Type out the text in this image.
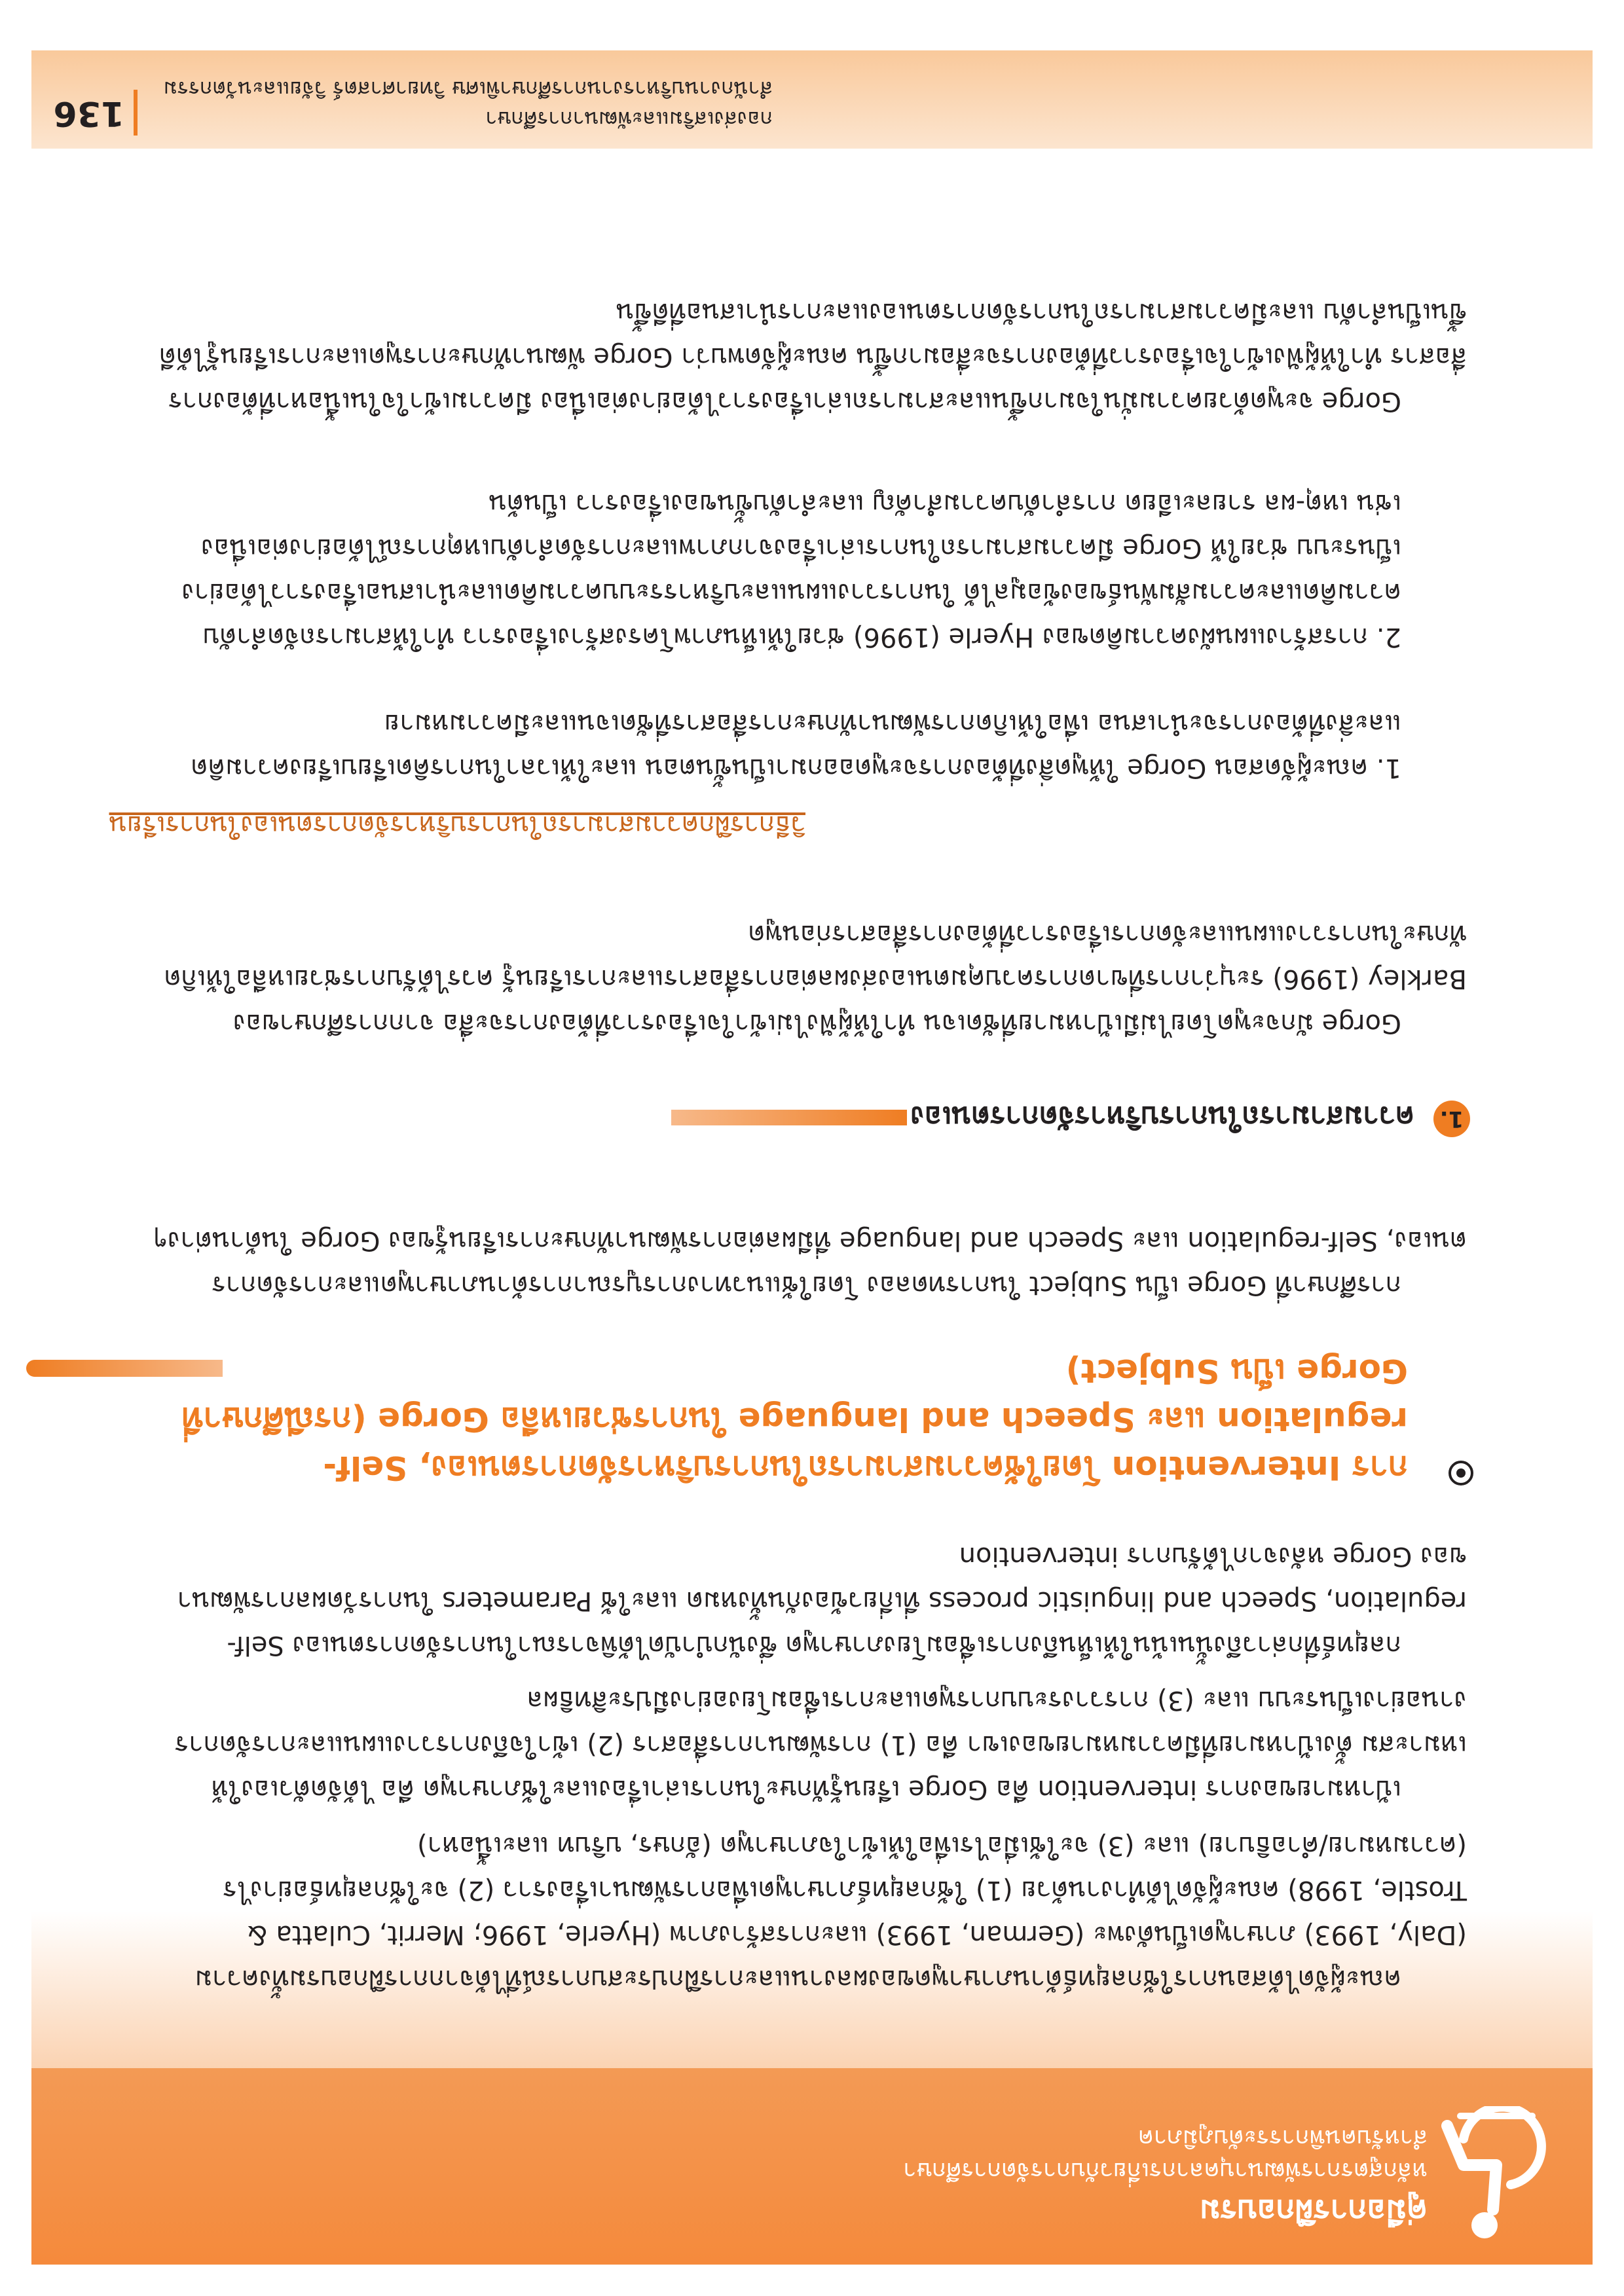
คู่มือการฝึกอบรม
หลักสูตรการพัฒนาบุคลากรเกี่ยวกับการจัดการศึกษา
สำหรับคนพิการระดับภูมิภาค
คณะผู้จัดได้สอนการใช้กลยุทธ์ด้านภาษาพูดของผลงานและการฝึกประสบการณ์ที่ได้จากการฝึกอบรมทั้งความ (Daly, 1993) ภาษาพูดเป็นดังพะ (German, 1993) และการสร้างภาพ (Hyerle, 1996; Merrit, Culatta & Trostle, 1998) คณะผู้จัดได้ทำงานด้วย (1) ใช้กลยุทธ์ภาษาพูดเพื่อการพัฒนาเรื่องราว (2) จะใช้กลยุทธ์อย่างไร (ความหมาย/คำอธิบาย) และ (3) จะใช้เมื่อไรเพื่อให้เข้าใจภาษาพูด (อักษร, บริบท และเนื้อหา)
เป้าหมายของการ intervention คือ Gorge เรียนรู้ทักษะในการเล่าเรื่องและใช้ภาษาพูด คือ ได้จัดตัวเองให้เหมาะสม ตั้งเป้าหมายที่มีความหมายของเขา คือ (1) การพัฒนาการสื่อสาร (2) เข้าใจถึงการวางแผนและการจัดการงานอย่างเป็นระบบ และ (3) การวางระบบการพูดและการเชื่อมโยงอย่างมีประสิทธิผล
กลยุทธ์ที่กล่าวถึงนั้นเน้นให้เห็นถึงการเชื่อมโยงภาษาพูด ซึ่งนักบำบัดได้พิจารณาในการจัดการตนเอง Self-regulation, Speech and linguistic process ที่เกี่ยวข้องกันทั้งหมด และใช้ Parameters ในการวัดผลการพัฒนาของ Gorge หลังจากได้รับการ intervention
การ Intervention โดยใช้ความสามารถในการบริหารจัดการตนเอง, Self-regulation และ Speech and language ในการช่วยเหลือ Gorge (กรณีศึกษาที่ Gorge เป็น Subject)
การศึกษาที่ Gorge เป็น Subject ในการทดลอง โดยใช้แนวทางการบูรณาการด้านภาษาพูดและการจัดการตนเอง, Self-regulation และ Speech and language ที่มีผลต่อการพัฒนาทักษะการเรียนรู้ของ Gorge ในด้านต่างๆ
1.
ความสามารถในการบริหารจัดการตนเอง
Gorge มักจะพูดโดยไม่มีเป้าหมายที่ชัดเจน ทำให้ผู้ฟังไม่เข้าใจเรื่องราวที่ต้องการจะสื่อ จากการศึกษาของ Barkley (1996) ระบุว่าการที่ขาดการควบคุมตนเองส่งผลต่อการสื่อสารและการเรียนรู้ ควรได้รับการช่วยเหลือให้เกิดทักษะในการวางแผนและจัดการเรื่องราวที่ต้องการสื่อสารก่อนพูด
วิธีการฝึกความสามารถในการบริหารจัดการตนเองในการเรียน
1. คณะผู้จัดสอน Gorge ให้พูดสิ่งที่ต้องการจะพูดออกมาเป็นขั้นตอน และให้เวลาในการคิดเรียบเรียงความคิดและสิ่งที่ต้องการจะนำเสนอ เพื่อให้เกิดการพัฒนาทักษะการสื่อสารที่ชัดเจนและมีความหมาย
2. การสร้างแผนผังความคิดของ Hyerle (1996) ช่วยให้เห็นภาพโครงสร้างเรื่องราว ทำให้สามารถจัดลำดับความคิดและความสัมพันธ์ของข้อมูลได้ ในการวางแผนและบริหารระบบความคิดและนำเสนอเรื่องราวได้อย่างเป็นระบบ ช่วยให้ Gorge มีความสามารถในการเล่าเรื่องจากภาพและการจัดลำดับเหตุการณ์ได้อย่างต่อเนื่อง เช่น เหตุ-ผล รายละเอียด การลำดับความสำคัญ และลำดับขั้นของเรื่องราว เป็นต้น
Gorge จะพูดด้วยความมั่นใจมากขึ้นและสามารถเล่าเรื่องราวได้อย่างต่อเนื่อง มีความเข้าใจในเนื้อหาที่ต้องการสื่อสาร ทำให้ผู้ฟังเข้าใจเรื่องราวที่ต้องการจะสื่อมากขึ้น คณะผู้จัดพบว่า Gorge พัฒนาทักษะการพูดและการเรียนรู้ได้ดีขึ้นเป็นลำดับ และมีความสามารถในการจัดการตนเองและการนำเสนอที่ดีขึ้น
กองส่งเสริมและพัฒนาการศึกษา
สำนักงานบริหารงานการศึกษาพิเศษ วิทยาศาสตร์ วิจัยและนวัตกรรม
136
